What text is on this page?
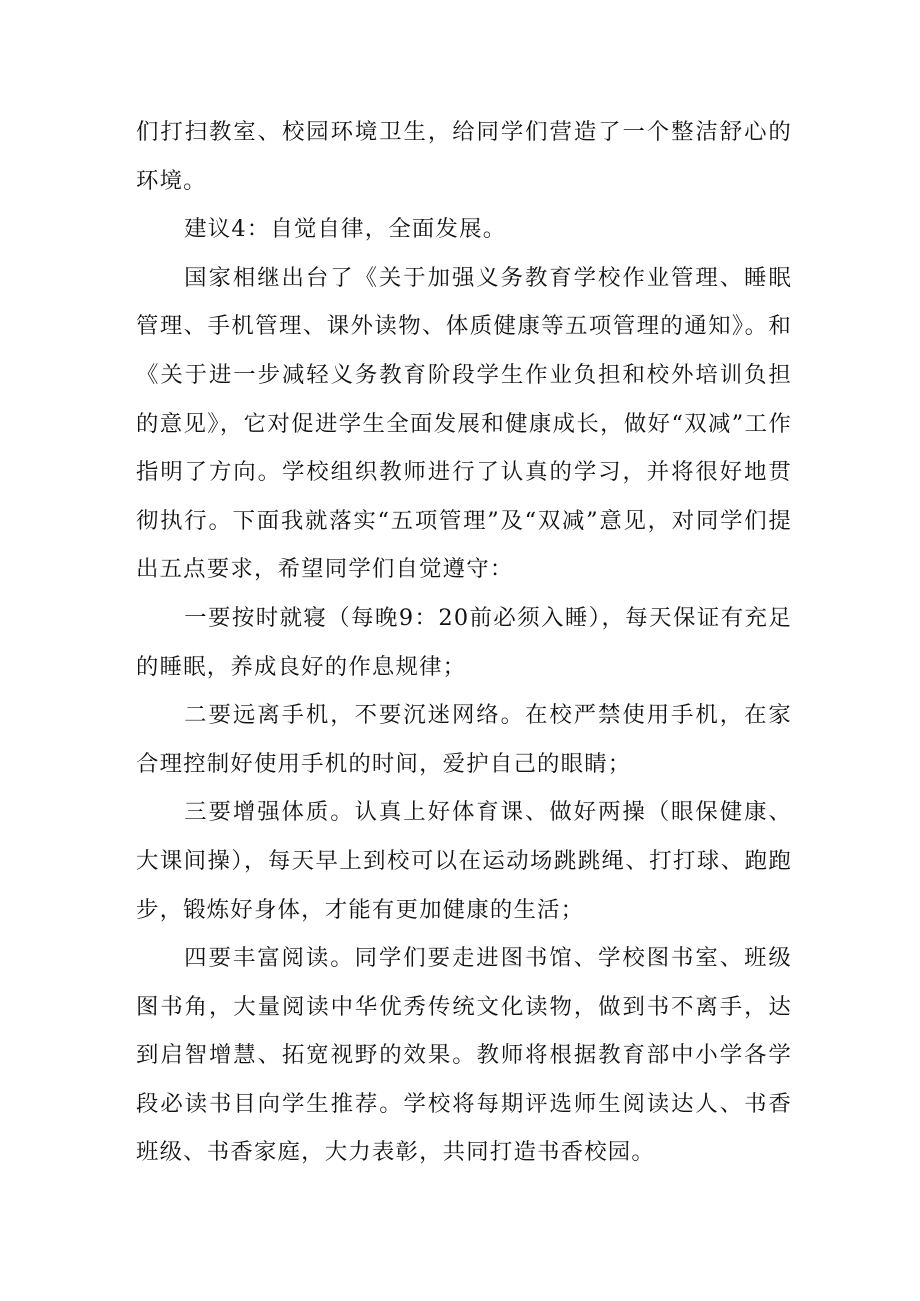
们打扫教室、校园环境卫生，给同学们营造了一个整洁舒心的环境。

建议4：自觉自律，全面发展。

国家相继出台了《关于加强义务教育学校作业管理、睡眠管理、手机管理、课外读物、体质健康等五项管理的通知》。和《关于进一步减轻义务教育阶段学生作业负担和校外培训负担的意见》，它对促进学生全面发展和健康成长，做好“双减”工作指明了方向。学校组织教师进行了认真的学习，并将很好地贯彻执行。下面我就落实“五项管理”及“双减”意见，对同学们提出五点要求，希望同学们自觉遵守：

一要按时就寝（每晚9：20前必须入睡），每天保证有充足的睡眠，养成良好的作息规律；

二要远离手机，不要沉迷网络。在校严禁使用手机，在家合理控制好使用手机的时间，爱护自己的眼睛；

三要增强体质。认真上好体育课、做好两操（眼保健康、大课间操），每天早上到校可以在运动场跳跳绳、打打球、跑跑步，锻炼好身体，才能有更加健康的生活；

四要丰富阅读。同学们要走进图书馆、学校图书室、班级图书角，大量阅读中华优秀传统文化读物，做到书不离手，达到启智增慧、拓宽视野的效果。教师将根据教育部中小学各学段必读书目向学生推荐。学校将每期评选师生阅读达人、书香班级、书香家庭，大力表彰，共同打造书香校园。
